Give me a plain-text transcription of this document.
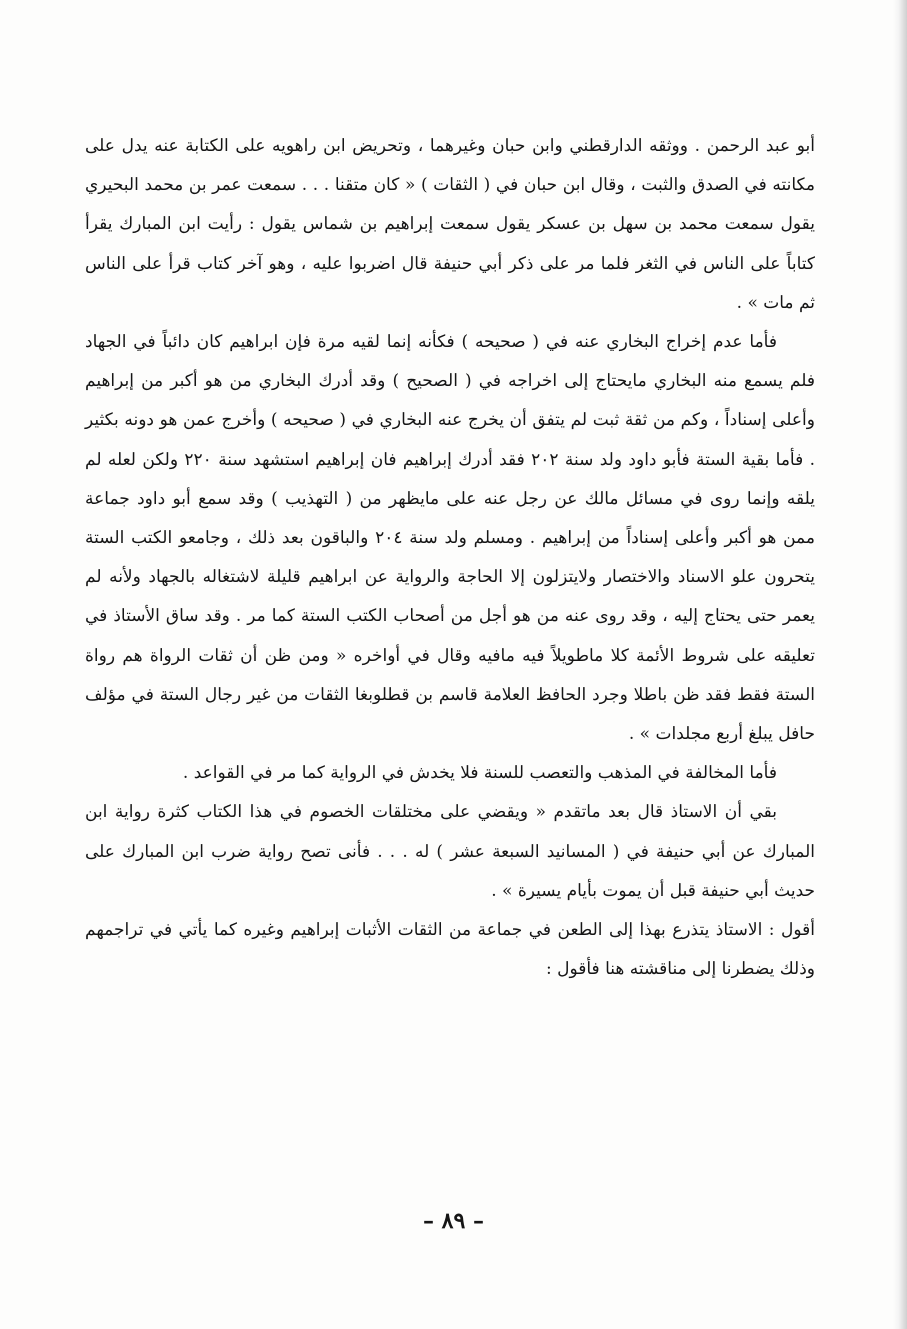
أبو عبد الرحمن . ووثقه الدارقطني وابن حبان وغيرهما ، وتحريض ابن راهويه على الكتابة عنه يدل على مكانته في الصدق والثبت ، وقال ابن حبان في ( الثقات ) « كان متقنا . . . سمعت عمر بن محمد البحيري يقول سمعت محمد بن سهل بن عسكر يقول سمعت إبراهيم بن شماس يقول : رأيت ابن المبارك يقرأ كتاباً على الناس في الثغر فلما مر على ذكر أبي حنيفة قال اضربوا عليه ، وهو آخر كتاب قرأ على الناس ثم مات » .

فأما عدم إخراج البخاري عنه في ( صحيحه ) فكأنه إنما لقيه مرة فإن ابراهيم كان دائباً في الجهاد فلم يسمع منه البخاري مايحتاج إلى اخراجه في ( الصحيح ) وقد أدرك البخاري من هو أكبر من إبراهيم وأعلى إسناداً ، وكم من ثقة ثبت لم يتفق أن يخرج عنه البخاري في ( صحيحه ) وأخرج عمن هو دونه بكثير . فأما بقية الستة فأبو داود ولد سنة ٢٠٢ فقد أدرك إبراهيم فان إبراهيم استشهد سنة ٢٢٠ ولكن لعله لم يلقه وإنما روى في مسائل مالك عن رجل عنه على مايظهر من ( التهذيب ) وقد سمع أبو داود جماعة ممن هو أكبر وأعلى إسناداً من إبراهيم . ومسلم ولد سنة ٢٠٤ والباقون بعد ذلك ، وجامعو الكتب الستة يتحرون علو الاسناد والاختصار ولايتزلون إلا الحاجة والرواية عن ابراهيم قليلة لاشتغاله بالجهاد ولأنه لم يعمر حتى يحتاج إليه ، وقد روى عنه من هو أجل من أصحاب الكتب الستة كما مر . وقد ساق الأستاذ في تعليقه على شروط الأئمة كلا ماطويلاً فيه مافيه وقال في أواخره « ومن ظن أن ثقات الرواة هم رواة الستة فقط فقد ظن باطلا وجرد الحافظ العلامة قاسم بن قطلوبغا الثقات من غير رجال الستة في مؤلف حافل يبلغ أربع مجلدات » .

فأما المخالفة في المذهب والتعصب للسنة فلا يخدش في الرواية كما مر في القواعد .

بقي أن الاستاذ قال بعد ماتقدم « ويقضي على مختلقات الخصوم في هذا الكتاب كثرة رواية ابن المبارك عن أبي حنيفة في ( المسانيد السبعة عشر ) له . . . فأنى تصح رواية ضرب ابن المبارك على حديث أبي حنيفة قبل أن يموت بأيام يسيرة » .

أقول : الاستاذ يتذرع بهذا إلى الطعن في جماعة من الثقات الأثبات إبراهيم وغيره كما يأتي في تراجمهم وذلك يضطرنا إلى مناقشته هنا فأقول :

– ٨٩ –
